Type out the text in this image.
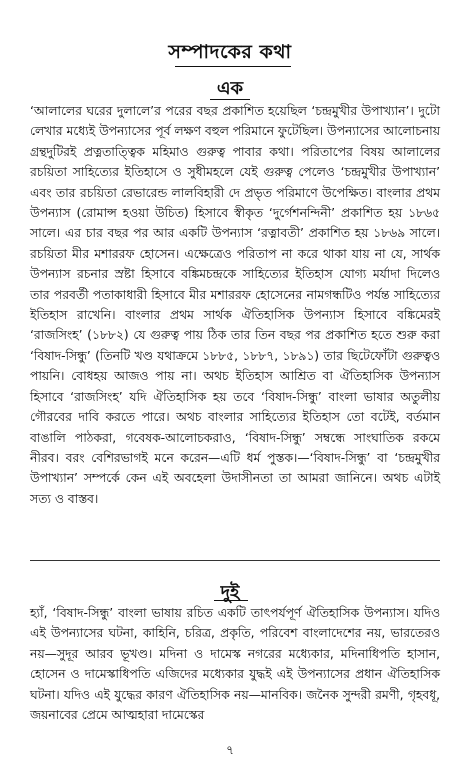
সম্পাদকের কথা
এক

‘আলালের ঘরের দুলালে’র পরের বছর প্রকাশিত হয়েছিল ‘চন্দ্রমুখীর উপাখ্যান’। দুটো লেখার মধ্যেই উপন্যাসের পূর্ব লক্ষণ বহুল পরিমানে ফুটেছিল। উপন্যাসের আলোচনায় গ্রন্থদুটিরই প্রত্নতাত্ত্বিক মহিমাও গুরুত্ব পাবার কথা। পরিতাপের বিষয় আলালের রচয়িতা সাহিত্যের ইতিহাসে ও সুধীমহলে যেই গুরুত্ব পেলেও ‘চন্দ্রমুখীর উপাখ্যান’ এবং তার রচয়িতা রেভারেন্ড লালবিহারী দে প্রভৃত পরিমাণে উপেক্ষিত। বাংলার প্রথম উপন্যাস (রোমান্স হওয়া উচিত) হিসাবে স্বীকৃত ‘দুর্গেশনন্দিনী’ প্রকাশিত হয় ১৮৬৫ সালে। এর চার বছর পর আর একটি উপন্যাস ‘রত্নাবতী’ প্রকাশিত হয় ১৮৬৯ সালে। রচয়িতা মীর মশাররফ হোসেন। এক্ষেত্রেও পরিতাপ না করে থাকা যায় না যে, সার্থক উপন্যাস রচনার স্রষ্টা হিসাবে বঙ্কিমচন্দ্রকে সাহিত্যের ইতিহাস যোগ্য মর্যাদা দিলেও তার পরবর্তী পতাকাধারী হিসাবে মীর মশাররফ হোসেনের নামগন্ধটিও পর্যন্ত সাহিত্যের ইতিহাস রাখেনি। বাংলার প্রথম সার্থক ঐতিহাসিক উপন্যাস হিসাবে বঙ্কিমেরই ‘রাজসিংহ’ (১৮৮২) যে গুরুত্ব পায় ঠিক তার তিন বছর পর প্রকাশিত হতে শুরু করা ‘বিষাদ-সিন্ধু’ (তিনটি খণ্ড যথাক্রমে ১৮৮৫, ১৮৮৭, ১৮৯১) তার ছিটেফোঁটা গুরুত্বও পায়নি। বোধহয় আজও পায় না। অথচ ইতিহাস আশ্রিত বা ঐতিহাসিক উপন্যাস হিসাবে ‘রাজসিংহ’ যদি ঐতিহাসিক হয় তবে ‘বিষাদ-সিন্ধু’ বাংলা ভাষার অতুলীয় গৌরবের দাবি করতে পারে। অথচ বাংলার সাহিত্যের ইতিহাস তো বটেই, বর্তমান বাঙালি পাঠকরা, গবেষক-আলোচকরাও, ‘বিষাদ-সিন্ধু’ সম্বন্ধে সাংঘাতিক রকমে নীরব। বরং বেশিরভাগই মনে করেন—এটি ধর্ম পুস্তক।—‘বিষাদ-সিন্ধু’ বা ‘চন্দ্রমুখীর উপাখ্যান’ সম্পর্কে কেন এই অবহেলা উদাসীনতা তা আমরা জানিনে। অথচ এটাই সত্য ও বাস্তব।

দুই

হ্যাঁ, ‘বিষাদ-সিন্ধু’ বাংলা ভাষায় রচিত একটি তাৎপর্যপূর্ণ ঐতিহাসিক উপন্যাস। যদিও এই উপন্যাসের ঘটনা, কাহিনি, চরিত্র, প্রকৃতি, পরিবেশ বাংলাদেশের নয়, ভারতেরও নয়—সুদূর আরব ভূখণ্ড। মদিনা ও দামেস্ক নগরের মধ্যেকার, মদিনাধিপতি হাসান, হোসেন ও দামেস্কাধিপতি এজিদের মধ্যেকার যুদ্ধই এই উপন্যাসের প্রধান ঐতিহাসিক ঘটনা। যদিও এই যুদ্ধের কারণ ঐতিহাসিক নয়—মানবিক। জনৈক সুন্দরী রমণী, গৃহবধূ, জয়নাবের প্রেমে আত্মহারা দামেস্কের

৭
